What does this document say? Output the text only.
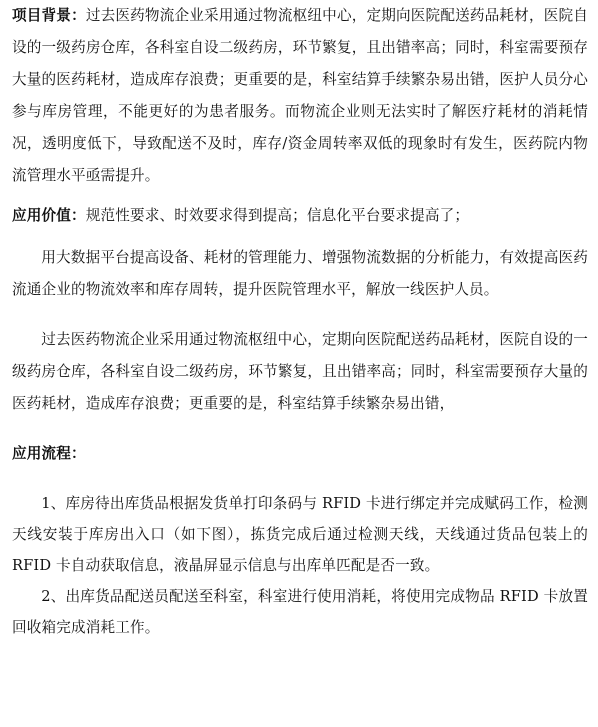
项目背景：过去医药物流企业采用通过物流枢纽中心，定期向医院配送药品耗材，医院自设的一级药房仓库，各科室自设二级药房，环节繁复，且出错率高；同时，科室需要预存大量的医药耗材，造成库存浪费；更重要的是，科室结算手续繁杂易出错，医护人员分心参与库房管理，不能更好的为患者服务。而物流企业则无法实时了解医疗耗材的消耗情况，透明度低下，导致配送不及时，库存/资金周转率双低的现象时有发生，医药院内物流管理水平亟需提升。

应用价值：规范性要求、时效要求得到提高；信息化平台要求提高了；

用大数据平台提高设备、耗材的管理能力、增强物流数据的分析能力，有效提高医药流通企业的物流效率和库存周转，提升医院管理水平，解放一线医护人员。

过去医药物流企业采用通过物流枢纽中心，定期向医院配送药品耗材，医院自设的一级药房仓库，各科室自设二级药房，环节繁复，且出错率高；同时，科室需要预存大量的医药耗材，造成库存浪费；更重要的是，科室结算手续繁杂易出错，

应用流程：

1、库房待出库货品根据发货单打印条码与 RFID 卡进行绑定并完成赋码工作，检测天线安装于库房出入口（如下图），拣货完成后通过检测天线，天线通过货品包装上的 RFID 卡自动获取信息，液晶屏显示信息与出库单匹配是否一致。

2、出库货品配送员配送至科室，科室进行使用消耗，将使用完成物品 RFID 卡放置回收箱完成消耗工作。
